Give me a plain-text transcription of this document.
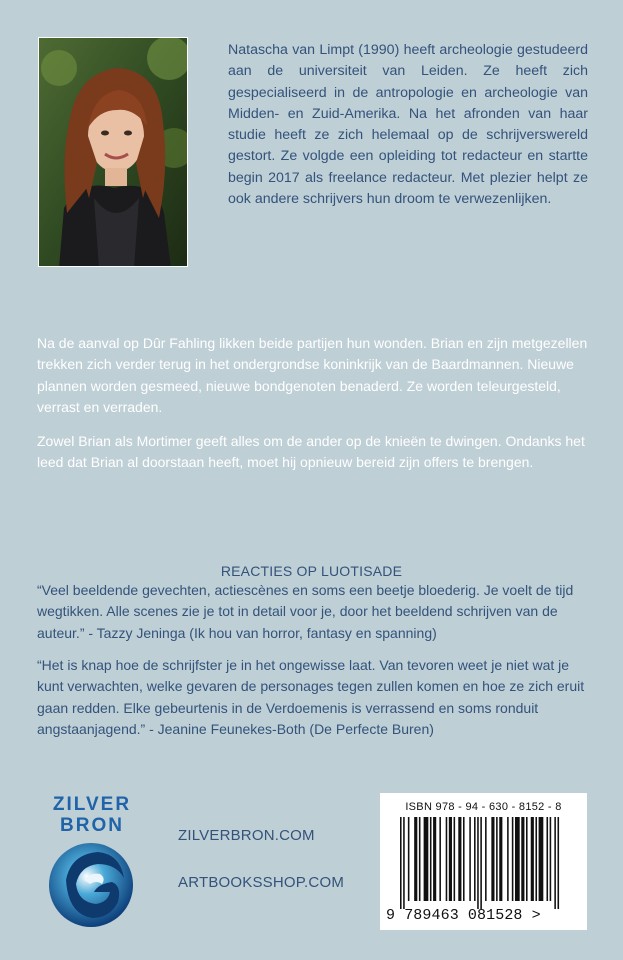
Natascha van Limpt (1990) heeft archeologie gestudeerd aan de universiteit van Leiden. Ze heeft zich gespecialiseerd in de antropologie en archeologie van Midden- en Zuid-Amerika. Na het afronden van haar studie heeft ze zich helemaal op de schrijverswereld gestort. Ze volgde een opleiding tot redacteur en startte begin 2017 als freelance redacteur. Met plezier helpt ze ook andere schrijvers hun droom te verwezenlijken.

Na de aanval op Dûr Fahling likken beide partijen hun wonden. Brian en zijn metgezellen trekken zich verder terug in het ondergrondse koninkrijk van de Baardmannen. Nieuwe plannen worden gesmeed, nieuwe bondgenoten benaderd. Ze worden teleurgesteld, verrast en verraden.

Zowel Brian als Mortimer geeft alles om de ander op de knieën te dwingen. Ondanks het leed dat Brian al doorstaan heeft, moet hij opnieuw bereid zijn offers te brengen.

REACTIES OP LUOTISADE

“Veel beeldende gevechten, actiescènes en soms een beetje bloederig. Je voelt de tijd wegtikken. Alle scenes zie je tot in detail voor je, door het beeldend schrijven van de auteur.” - Tazzy Jeninga (Ik hou van horror, fantasy en spanning)

“Het is knap hoe de schrijfster je in het ongewisse laat. Van tevoren weet je niet wat je kunt verwachten, welke gevaren de personages tegen zullen komen en hoe ze zich eruit gaan redden. Elke gebeurtenis in de Verdoemenis is verrassend en soms ronduit angstaanjagend.” - Jeanine Feunekes-Both (De Perfecte Buren)

ZILVER
BRON	ZILVERBRON.COM
ARTBOOKSSHOP.COM
ISBN 978 - 94 - 630 - 8152 - 8
9 789463 081528 >
